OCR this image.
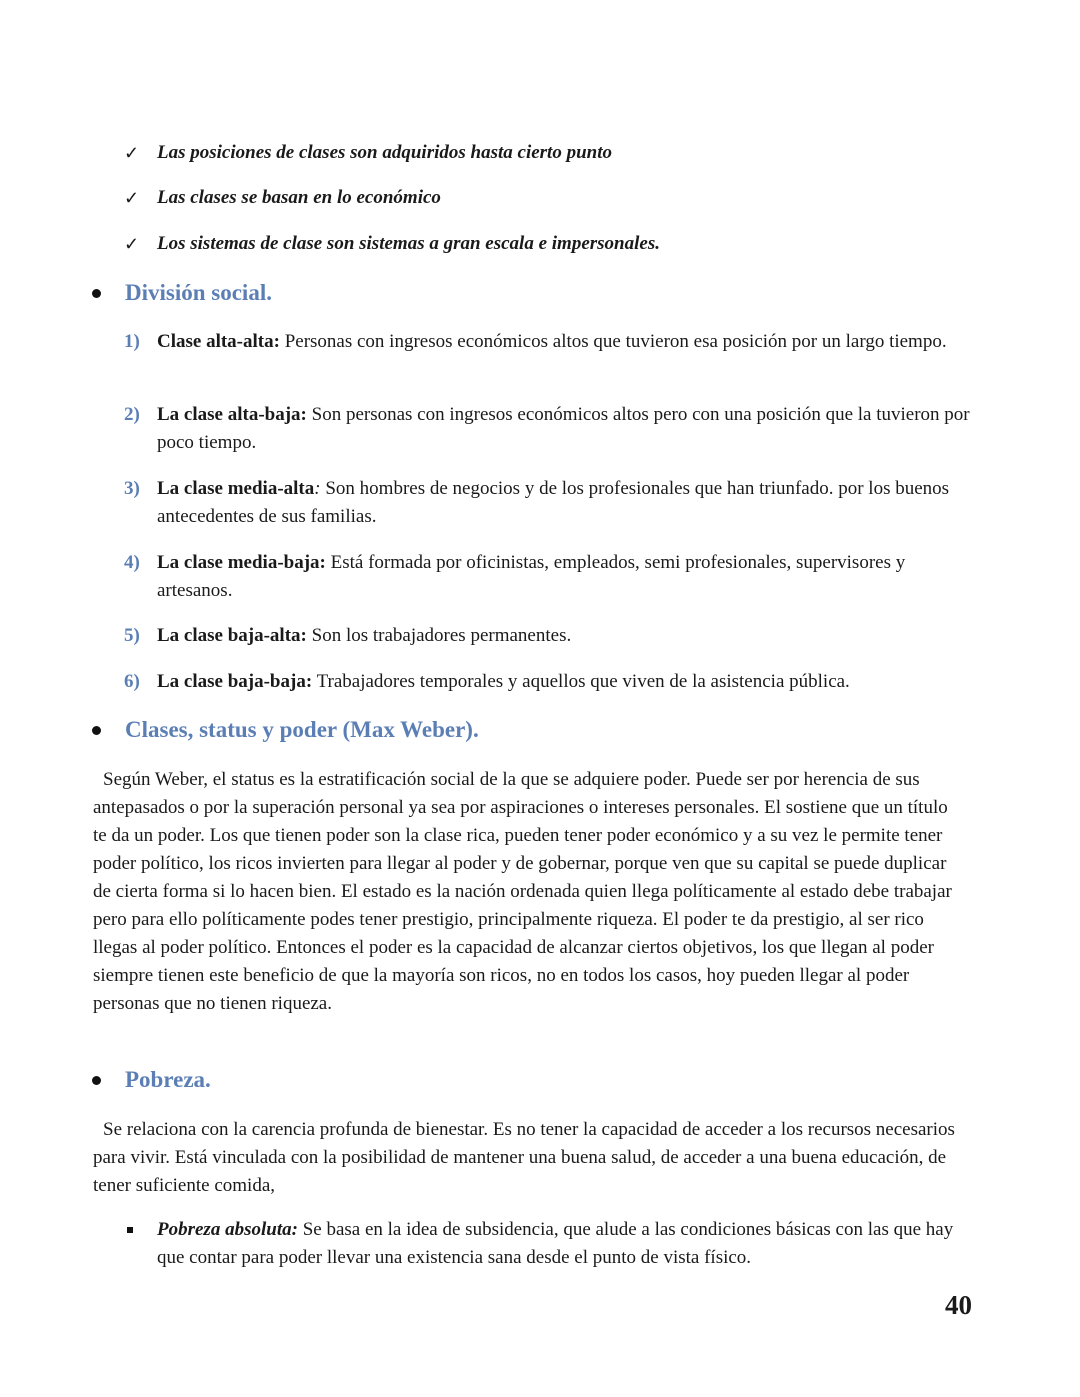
✓ Las posiciones de clases son adquiridos hasta cierto punto
✓ Las clases se basan en lo económico
✓ Los sistemas de clase son sistemas a gran escala e impersonales.
División social.
1) Clase alta-alta: Personas con ingresos económicos altos que tuvieron esa posición por un largo tiempo.
2) La clase alta-baja: Son personas con ingresos económicos altos pero con una posición que la tuvieron por poco tiempo.
3) La clase media-alta: Son hombres de negocios y de los profesionales que han triunfado. por los buenos antecedentes de sus familias.
4) La clase media-baja: Está formada por oficinistas, empleados, semi profesionales, supervisores y artesanos.
5) La clase baja-alta: Son los trabajadores permanentes.
6) La clase baja-baja: Trabajadores temporales y aquellos que viven de la asistencia pública.
Clases, status y poder (Max Weber).
Según Weber, el status es la estratificación social de la que se adquiere poder. Puede ser por herencia de sus antepasados o por la superación personal ya sea por aspiraciones o intereses personales. El sostiene que un título te da un poder. Los que tienen poder son la clase rica, pueden tener poder económico y a su vez le permite tener poder político, los ricos invierten para llegar al poder y de gobernar, porque ven que su capital se puede duplicar de cierta forma si lo hacen bien. El estado es la nación ordenada quien llega políticamente al estado debe trabajar pero para ello políticamente podes tener prestigio, principalmente riqueza. El poder te da prestigio, al ser rico llegas al poder político. Entonces el poder es la capacidad de alcanzar ciertos objetivos, los que llegan al poder siempre tienen este beneficio de que la mayoría son ricos, no en todos los casos, hoy pueden llegar al poder personas que no tienen riqueza.
Pobreza.
Se relaciona con la carencia profunda de bienestar. Es no tener la capacidad de acceder a los recursos necesarios para vivir. Está vinculada con la posibilidad de mantener una buena salud, de acceder a una buena educación, de tener suficiente comida,
Pobreza absoluta: Se basa en la idea de subsidencia, que alude a las condiciones básicas con las que hay que contar para poder llevar una existencia sana desde el punto de vista físico.
40
